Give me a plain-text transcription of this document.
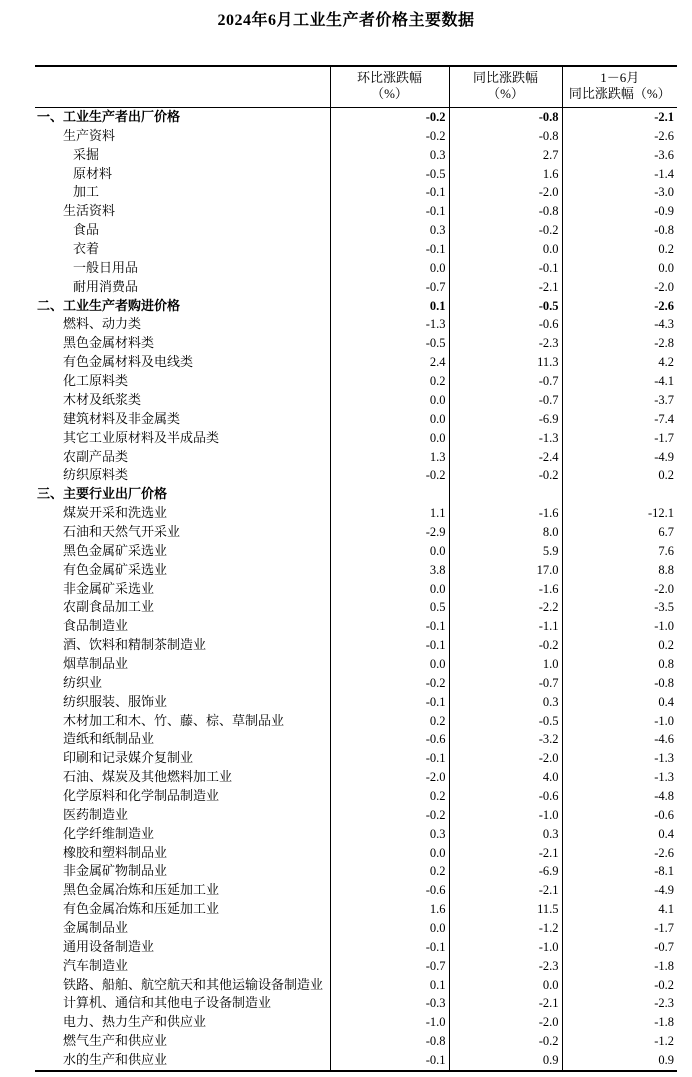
2024年6月工业生产者价格主要数据

环比涨跌幅
（%）

同比涨跌幅
（%）

1－6月
同比涨跌幅（%）

一、工业生产者出厂价格	-0.2	-0.8	-2.1
生产资料	-0.2	-0.8	-2.6
采掘	0.3	2.7	-3.6
原材料	-0.5	1.6	-1.4
加工	-0.1	-2.0	-3.0
生活资料	-0.1	-0.8	-0.9
食品	0.3	-0.2	-0.8
衣着	-0.1	0.0	0.2
一般日用品	0.0	-0.1	0.0
耐用消费品	-0.7	-2.1	-2.0
二、工业生产者购进价格	0.1	-0.5	-2.6
燃料、动力类	-1.3	-0.6	-4.3
黑色金属材料类	-0.5	-2.3	-2.8
有色金属材料及电线类	2.4	11.3	4.2
化工原料类	0.2	-0.7	-4.1
木材及纸浆类	0.0	-0.7	-3.7
建筑材料及非金属类	0.0	-6.9	-7.4
其它工业原材料及半成品类	0.0	-1.3	-1.7
农副产品类	1.3	-2.4	-4.9
纺织原料类	-0.2	-0.2	0.2
三、主要行业出厂价格			
煤炭开采和洗选业	1.1	-1.6	-12.1
石油和天然气开采业	-2.9	8.0	6.7
黑色金属矿采选业	0.0	5.9	7.6
有色金属矿采选业	3.8	17.0	8.8
非金属矿采选业	0.0	-1.6	-2.0
农副食品加工业	0.5	-2.2	-3.5
食品制造业	-0.1	-1.1	-1.0
酒、饮料和精制茶制造业	-0.1	-0.2	0.2
烟草制品业	0.0	1.0	0.8
纺织业	-0.2	-0.7	-0.8
纺织服装、服饰业	-0.1	0.3	0.4
木材加工和木、竹、藤、棕、草制品业	0.2	-0.5	-1.0
造纸和纸制品业	-0.6	-3.2	-4.6
印刷和记录媒介复制业	-0.1	-2.0	-1.3
石油、煤炭及其他燃料加工业	-2.0	4.0	-1.3
化学原料和化学制品制造业	0.2	-0.6	-4.8
医药制造业	-0.2	-1.0	-0.6
化学纤维制造业	0.3	0.3	0.4
橡胶和塑料制品业	0.0	-2.1	-2.6
非金属矿物制品业	0.2	-6.9	-8.1
黑色金属冶炼和压延加工业	-0.6	-2.1	-4.9
有色金属冶炼和压延加工业	1.6	11.5	4.1
金属制品业	0.0	-1.2	-1.7
通用设备制造业	-0.1	-1.0	-0.7
汽车制造业	-0.7	-2.3	-1.8
铁路、船舶、航空航天和其他运输设备制造业	0.1	0.0	-0.2
计算机、通信和其他电子设备制造业	-0.3	-2.1	-2.3
电力、热力生产和供应业	-1.0	-2.0	-1.8
燃气生产和供应业	-0.8	-0.2	-1.2
水的生产和供应业	-0.1	0.9	0.9
